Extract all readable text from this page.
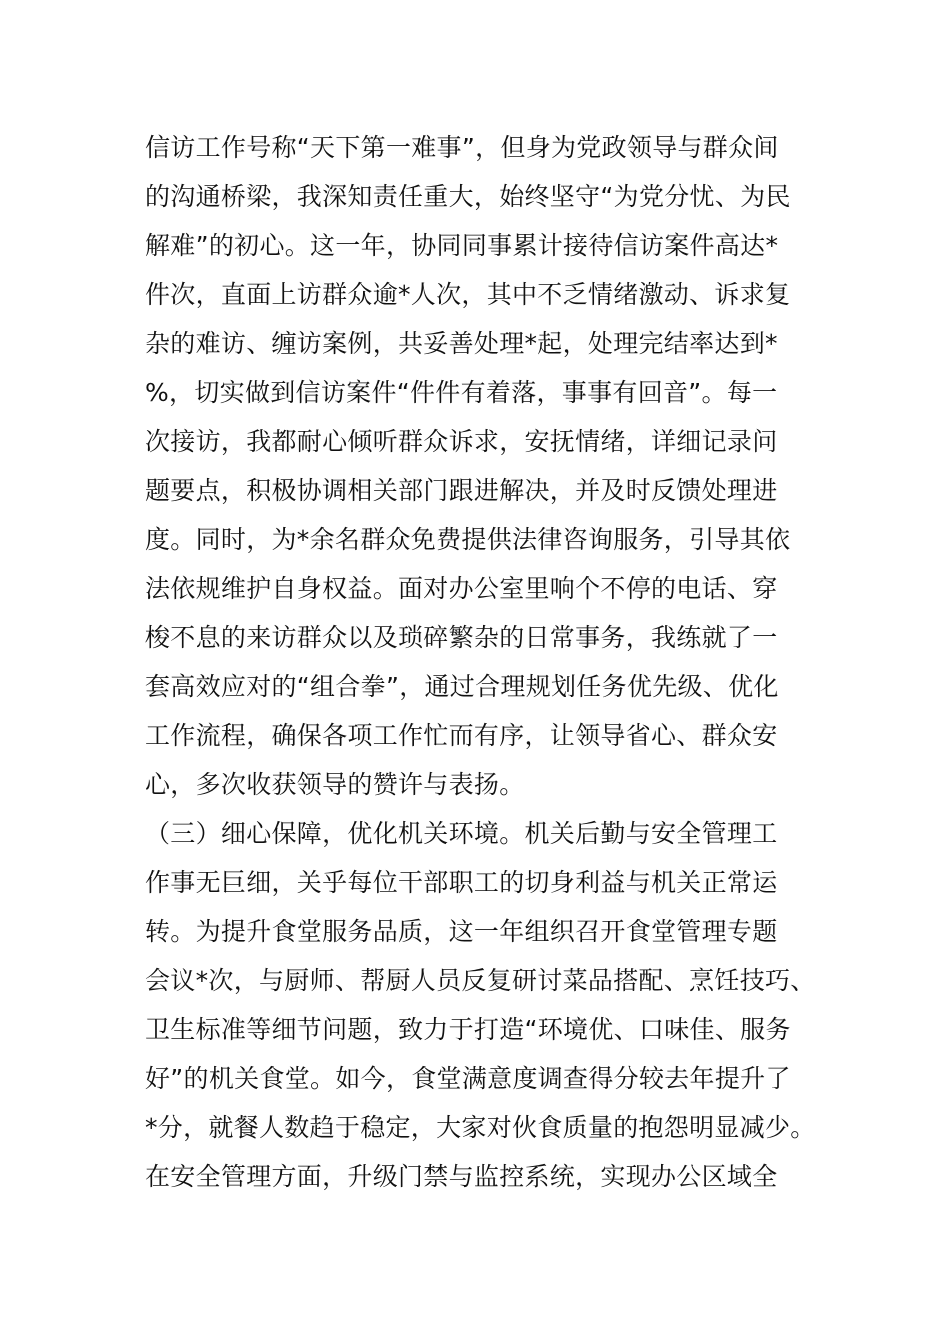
信访工作号称“天下第一难事”，但身为党政领导与群众间
的沟通桥梁，我深知责任重大，始终坚守“为党分忧、为民
解难”的初心。这一年，协同同事累计接待信访案件高达*
件次，直面上访群众逾*人次，其中不乏情绪激动、诉求复
杂的难访、缠访案例，共妥善处理*起，处理完结率达到*
%，切实做到信访案件“件件有着落，事事有回音”。每一
次接访，我都耐心倾听群众诉求，安抚情绪，详细记录问
题要点，积极协调相关部门跟进解决，并及时反馈处理进
度。同时，为*余名群众免费提供法律咨询服务，引导其依
法依规维护自身权益。面对办公室里响个不停的电话、穿
梭不息的来访群众以及琐碎繁杂的日常事务，我练就了一
套高效应对的“组合拳”，通过合理规划任务优先级、优化
工作流程，确保各项工作忙而有序，让领导省心、群众安
心，多次收获领导的赞许与表扬。
（三）细心保障，优化机关环境。机关后勤与安全管理工
作事无巨细，关乎每位干部职工的切身利益与机关正常运
转。为提升食堂服务品质，这一年组织召开食堂管理专题
会议*次，与厨师、帮厨人员反复研讨菜品搭配、烹饪技巧、
卫生标准等细节问题，致力于打造“环境优、口味佳、服务
好”的机关食堂。如今，食堂满意度调查得分较去年提升了
*分，就餐人数趋于稳定，大家对伙食质量的抱怨明显减少。
在安全管理方面，升级门禁与监控系统，实现办公区域全
